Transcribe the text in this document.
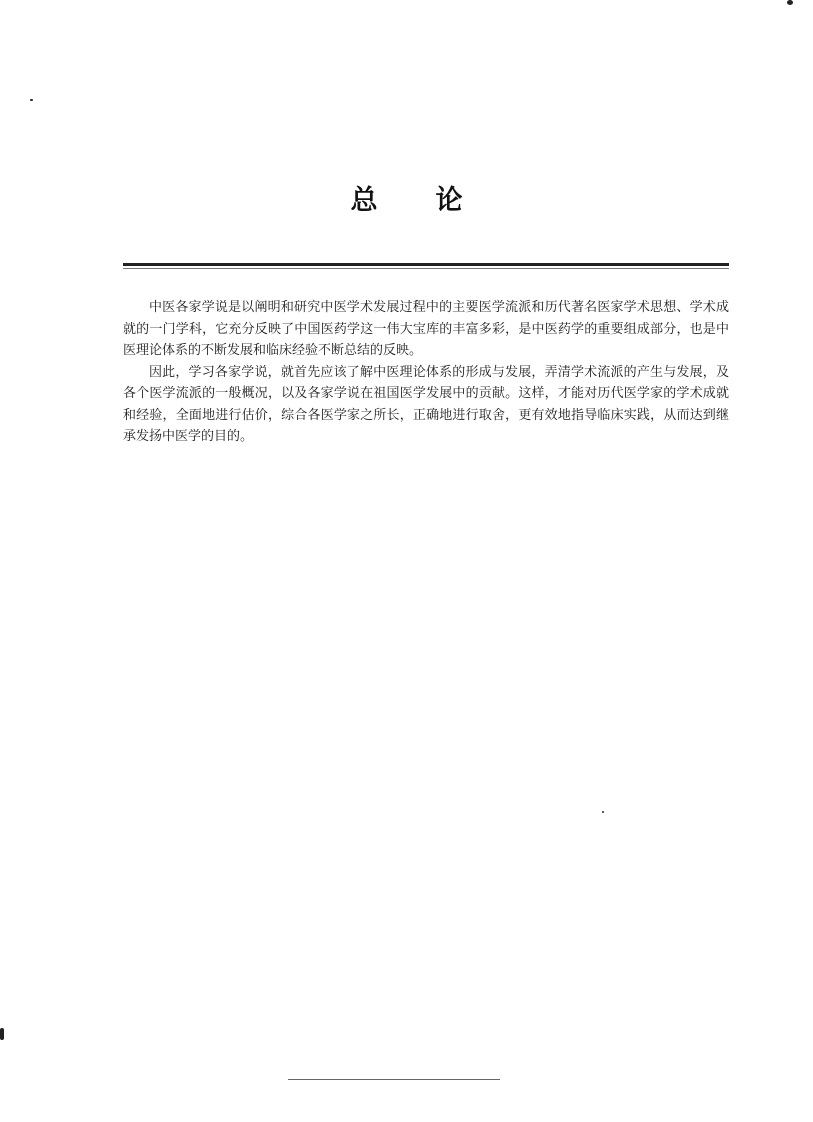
总论

中医各家学说是以阐明和研究中医学术发展过程中的主要医学流派和历代著名医家学术思想、学术成就的一门学科，它充分反映了中国医药学这一伟大宝库的丰富多彩，是中医药学的重要组成部分，也是中医理论体系的不断发展和临床经验不断总结的反映。

因此，学习各家学说，就首先应该了解中医理论体系的形成与发展，弄清学术流派的产生与发展，及各个医学流派的一般概况，以及各家学说在祖国医学发展中的贡献。这样，才能对历代医学家的学术成就和经验，全面地进行估价，综合各医学家之所长，正确地进行取舍，更有效地指导临床实践，从而达到继承发扬中医学的目的。
